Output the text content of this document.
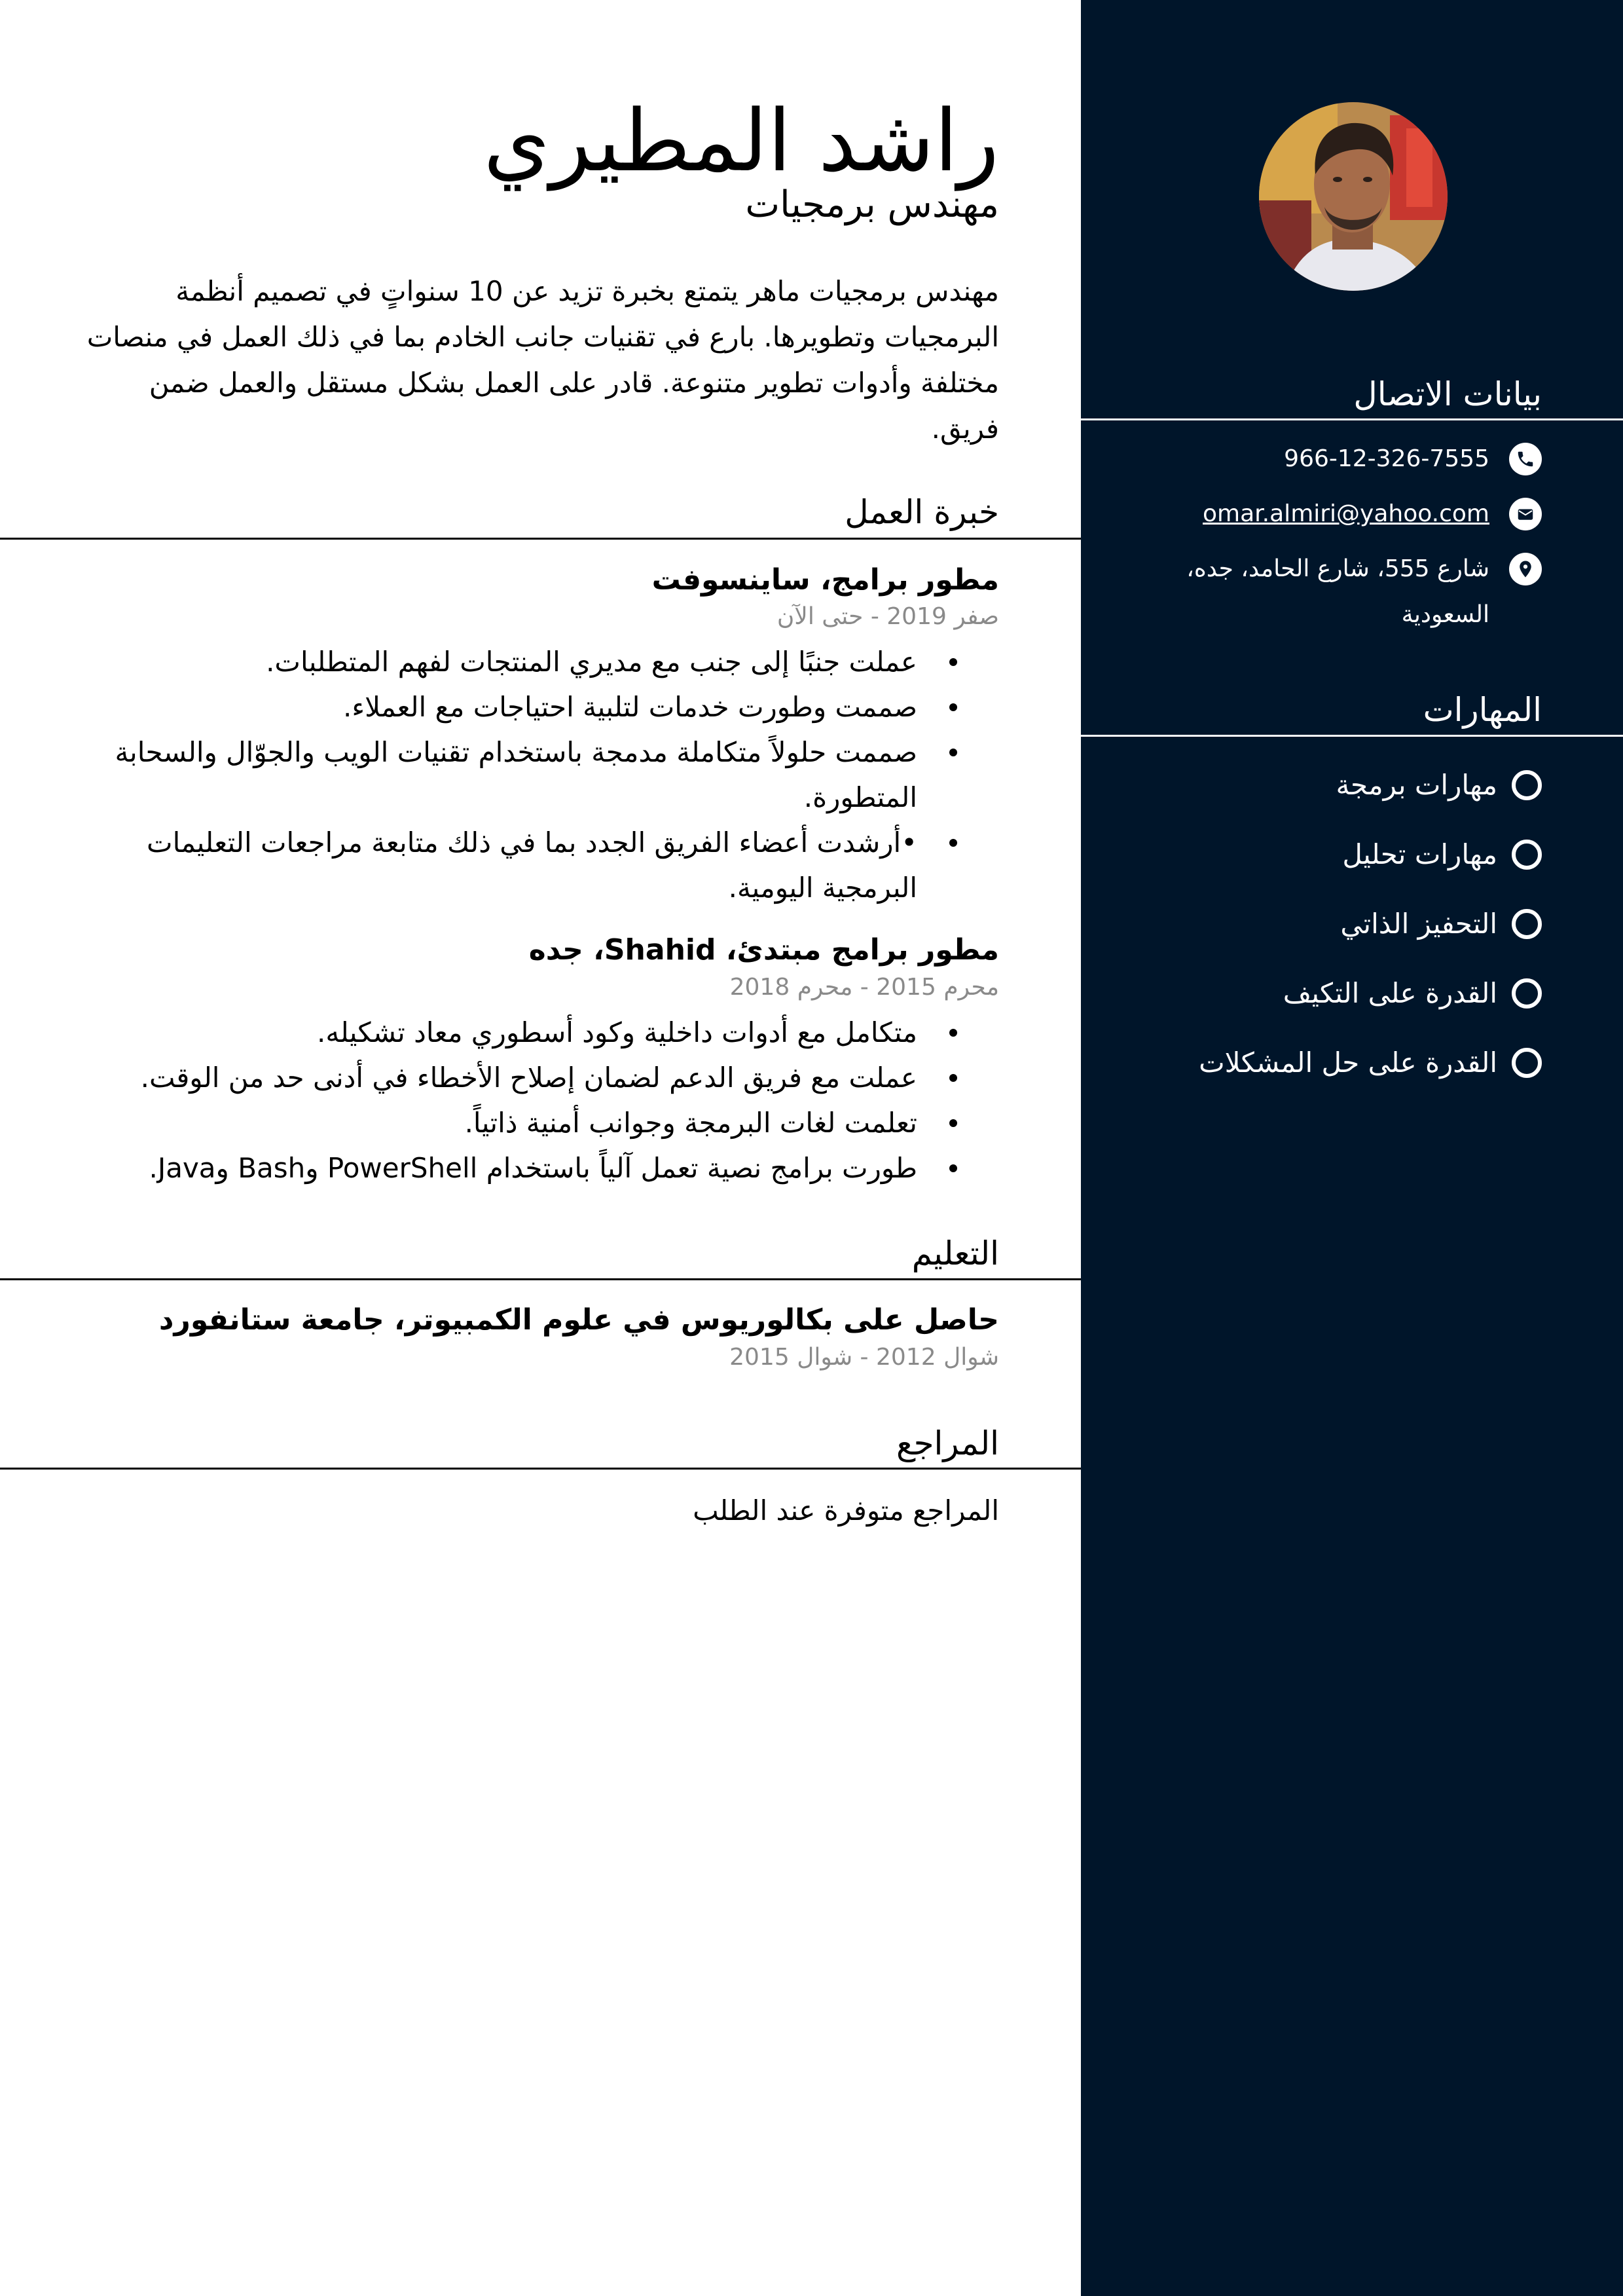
بيانات الاتصال
966-12-326-7555
omar.almiri@yahoo.com
شارع 555، شارع الحامد، جده، السعودية
المهارات
مهارات برمجة
مهارات تحليل
التحفيز الذاتي
القدرة على التكيف
القدرة على حل المشكلات
راشد المطيري
مهندس برمجيات
مهندس برمجيات ماهر يتمتع بخبرة تزيد عن 10 سنواتٍ في تصميم أنظمة البرمجيات وتطويرها. بارع في تقنيات جانب الخادم بما في ذلك العمل في منصات مختلفة وأدوات تطوير متنوعة. قادر على العمل بشكل مستقل والعمل ضمن فريق.
خبرة العمل
مطور برامج، ساينسوفت
صفر 2019 - حتى الآن
عملت جنبًا إلى جنب مع مديري المنتجات لفهم المتطلبات.
صممت وطورت خدمات لتلبية احتياجات مع العملاء.
صممت حلولاً متكاملة مدمجة باستخدام تقنيات الويب والجوّال والسحابة المتطورة.
•أرشدت أعضاء الفريق الجدد بما في ذلك متابعة مراجعات التعليمات البرمجية اليومية.
مطور برامج مبتدئ، Shahid، جده
محرم 2015 - محرم 2018
متكامل مع أدوات داخلية وكود أسطوري معاد تشكيله.
عملت مع فريق الدعم لضمان إصلاح الأخطاء في أدنى حد من الوقت.
تعلمت لغات البرمجة وجوانب أمنية ذاتياً.
طورت برامج نصية تعمل آلياً باستخدام PowerShell وBash وJava.
التعليم
حاصل على بكالوريوس في علوم الكمبيوتر، جامعة ستانفورد
شوال 2012 - شوال 2015
المراجع
المراجع متوفرة عند الطلب
